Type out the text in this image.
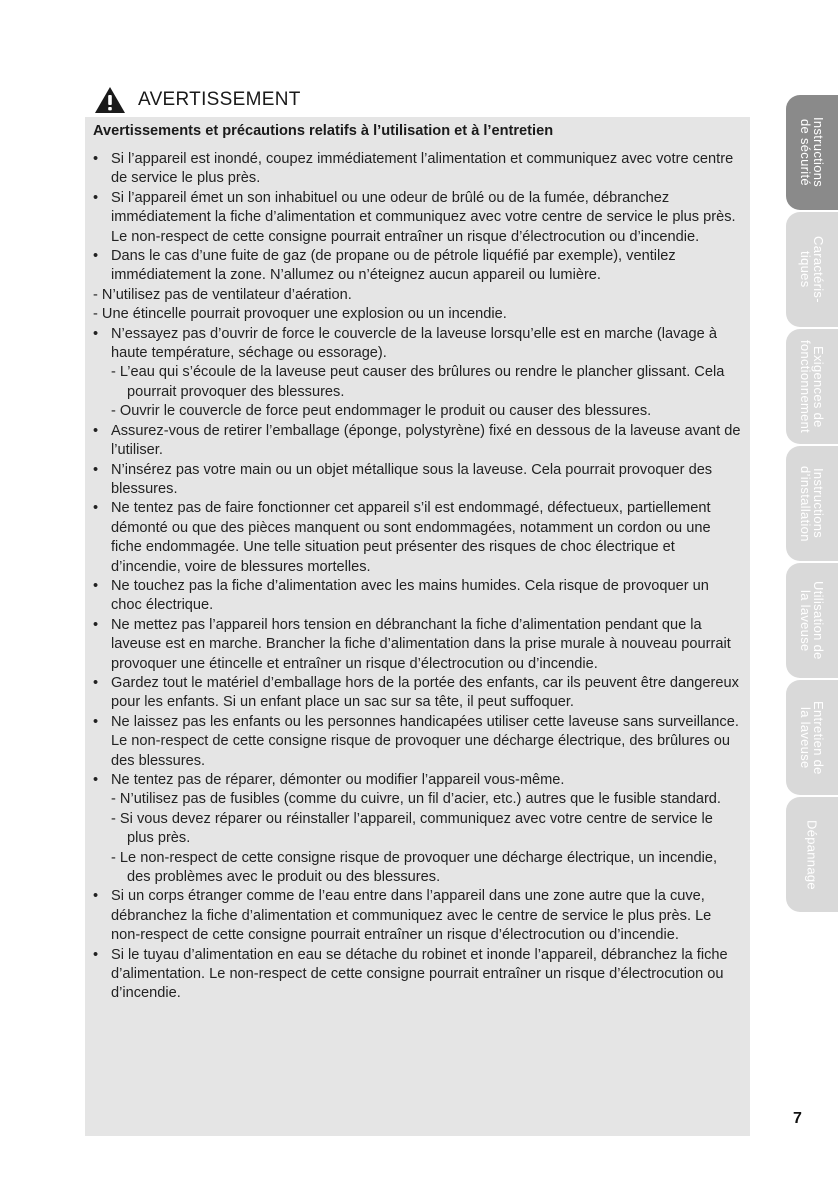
AVERTISSEMENT
Avertissements et précautions relatifs à l’utilisation et à l’entretien
• Si l’appareil est inondé, coupez immédiatement l’alimentation et communiquez avec votre centre de service le plus près.
• Si l’appareil émet un son inhabituel ou une odeur de brûlé ou de la fumée, débranchez immédiatement la fiche d’alimentation et communiquez avec votre centre de service le plus près. Le non-respect de cette consigne pourrait entraîner un risque d’électrocution ou d’incendie.
• Dans le cas d’une fuite de gaz (de propane ou de pétrole liquéfié par exemple), ventilez immédiatement la zone. N’allumez ou n’éteignez aucun appareil ou lumière.
- N’utilisez pas de ventilateur d’aération.
- Une étincelle pourrait provoquer une explosion ou un incendie.
• N’essayez pas d’ouvrir de force le couvercle de la laveuse lorsqu’elle est en marche (lavage à haute température, séchage ou essorage).
- L’eau qui s’écoule de la laveuse peut causer des brûlures ou rendre le plancher glissant. Cela pourrait provoquer des blessures.
- Ouvrir le couvercle de force peut endommager le produit ou causer des blessures.
• Assurez-vous de retirer l’emballage (éponge, polystyrène) fixé en dessous de la laveuse avant de l’utiliser.
• N’insérez pas votre main ou un objet métallique sous la laveuse. Cela pourrait provoquer des blessures.
• Ne tentez pas de faire fonctionner cet appareil s’il est endommagé, défectueux, partiellement démonté ou que des pièces manquent ou sont endommagées, notamment un cordon ou une fiche endommagée. Une telle situation peut présenter des risques de choc électrique et d’incendie, voire de blessures mortelles.
• Ne touchez pas la fiche d’alimentation avec les mains humides. Cela risque de provoquer un choc électrique.
• Ne mettez pas l’appareil hors tension en débranchant la fiche d’alimentation pendant que la laveuse est en marche. Brancher la fiche d’alimentation dans la prise murale à nouveau pourrait provoquer une étincelle et entraîner un risque d’électrocution ou d’incendie.
• Gardez tout le matériel d’emballage hors de la portée des enfants, car ils peuvent être dangereux pour les enfants. Si un enfant place un sac sur sa tête, il peut suffoquer.
• Ne laissez pas les enfants ou les personnes handicapées utiliser cette laveuse sans surveillance. Le non-respect de cette consigne risque de provoquer une décharge électrique, des brûlures ou des blessures.
• Ne tentez pas de réparer, démonter ou modifier l’appareil vous-même.
- N’utilisez pas de fusibles (comme du cuivre, un fil d’acier, etc.) autres que le fusible standard.
- Si vous devez réparer ou réinstaller l’appareil, communiquez avec votre centre de service le plus près.
- Le non-respect de cette consigne risque de provoquer une décharge électrique, un incendie, des problèmes avec le produit ou des blessures.
• Si un corps étranger comme de l’eau entre dans l’appareil dans une zone autre que la cuve, débranchez la fiche d’alimentation et communiquez avec le centre de service le plus près. Le non-respect de cette consigne pourrait entraîner un risque d’électrocution ou d’incendie.
• Si le tuyau d’alimentation en eau se détache du robinet et inonde l’appareil, débranchez la fiche d’alimentation. Le non-respect de cette consigne pourrait entraîner un risque d’électrocution ou d’incendie.
Instructions
de sécurité
Caractéris-
tiques
Exigences de
fonctionnement
Instructions
d’installation
Utilisation de
la laveuse
Entretien de
la laveuse
Dépannage
7
